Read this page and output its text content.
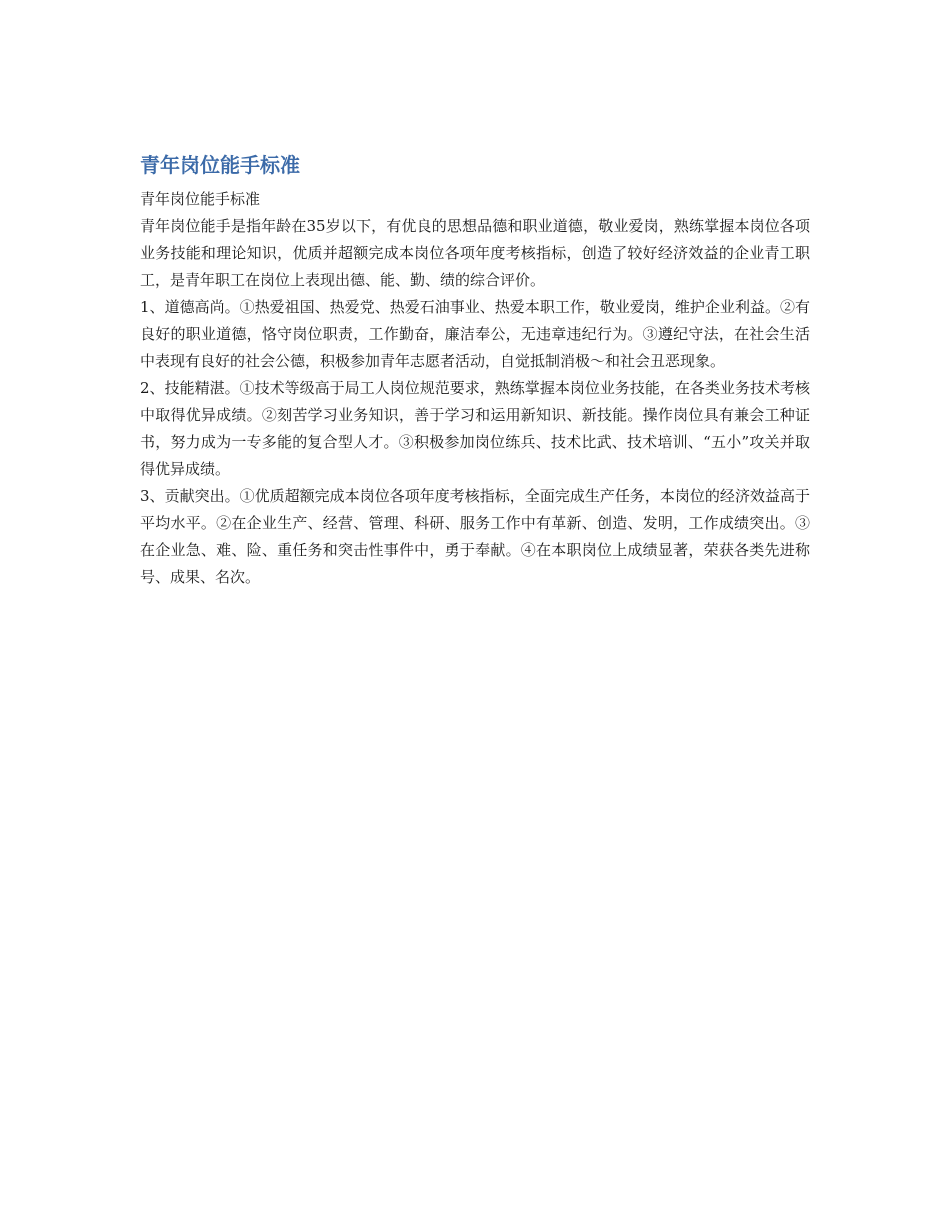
青年岗位能手标准

青年岗位能手标准

青年岗位能手是指年龄在35岁以下，有优良的思想品德和职业道德，敬业爱岗，熟练掌握本岗位各项业务技能和理论知识，优质并超额完成本岗位各项年度考核指标，创造了较好经济效益的企业青工职工，是青年职工在岗位上表现出德、能、勤、绩的综合评价。

1、道德高尚。①热爱祖国、热爱党、热爱石油事业、热爱本职工作，敬业爱岗，维护企业利益。②有良好的职业道德，恪守岗位职责，工作勤奋，廉洁奉公，无违章违纪行为。③遵纪守法，在社会生活中表现有良好的社会公德，积极参加青年志愿者活动，自觉抵制消极～和社会丑恶现象。

2、技能精湛。①技术等级高于局工人岗位规范要求，熟练掌握本岗位业务技能，在各类业务技术考核中取得优异成绩。②刻苦学习业务知识，善于学习和运用新知识、新技能。操作岗位具有兼会工种证书，努力成为一专多能的复合型人才。③积极参加岗位练兵、技术比武、技术培训、“五小”攻关并取得优异成绩。

3、贡献突出。①优质超额完成本岗位各项年度考核指标，全面完成生产任务，本岗位的经济效益高于平均水平。②在企业生产、经营、管理、科研、服务工作中有革新、创造、发明，工作成绩突出。③在企业急、难、险、重任务和突击性事件中，勇于奉献。④在本职岗位上成绩显著，荣获各类先进称号、成果、名次。
